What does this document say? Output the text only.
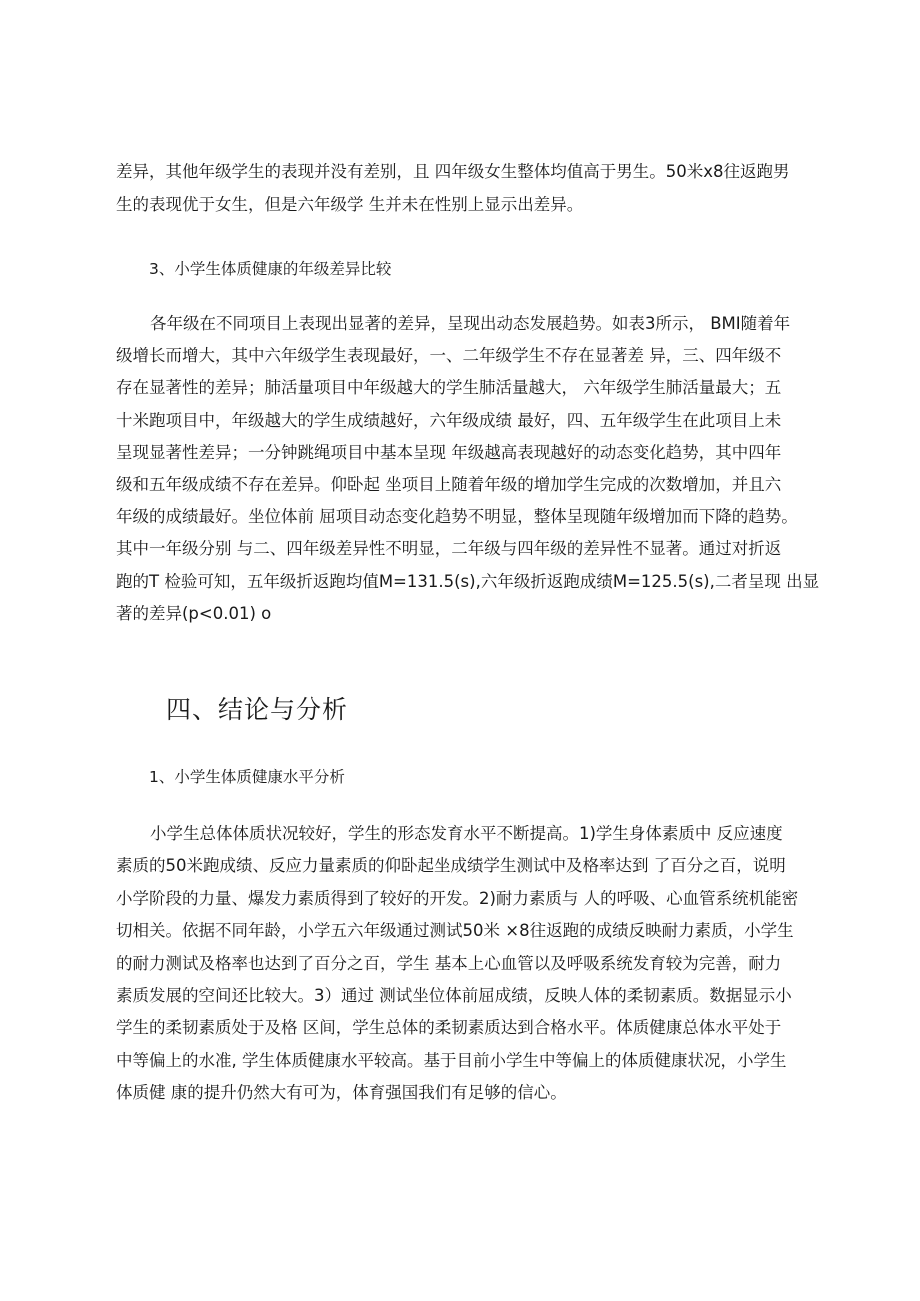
差异，其他年级学生的表现并没有差别，且 四年级女生整体均值高于男生。50米x8往返跑男
生的表现优于女生，但是六年级学 生并未在性别上显示出差异。
3、小学生体质健康的年级差异比较
各年级在不同项目上表现出显著的差异，呈现出动态发展趋势。如表3所示， BMI随着年
级增长而增大，其中六年级学生表现最好，一、二年级学生不存在显著差 异，三、四年级不
存在显著性的差异；肺活量项目中年级越大的学生肺活量越大， 六年级学生肺活量最大；五
十米跑项目中，年级越大的学生成绩越好，六年级成绩 最好，四、五年级学生在此项目上未
呈现显著性差异；一分钟跳绳项目中基本呈现 年级越高表现越好的动态变化趋势，其中四年
级和五年级成绩不存在差异。仰卧起 坐项目上随着年级的增加学生完成的次数增加，并且六
年级的成绩最好。坐位体前 屈项目动态变化趋势不明显，整体呈现随年级增加而下降的趋势。
其中一年级分别 与二、四年级差异性不明显，二年级与四年级的差异性不显著。通过对折返
跑的T 检验可知，五年级折返跑均值M=131.5(s),六年级折返跑成绩M=125.5(s),二者呈现 出显
著的差异(p<0.01) o
四、结论与分析
1、小学生体质健康水平分析
小学生总体体质状况较好，学生的形态发育水平不断提高。1)学生身体素质中 反应速度
素质的50米跑成绩、反应力量素质的仰卧起坐成绩学生测试中及格率达到 了百分之百，说明
小学阶段的力量、爆发力素质得到了较好的开发。2)耐力素质与 人的呼吸、心血管系统机能密
切相关。依据不同年龄，小学五六年级通过测试50米 ×8往返跑的成绩反映耐力素质，小学生
的耐力测试及格率也达到了百分之百，学生 基本上心血管以及呼吸系统发育较为完善，耐力
素质发展的空间还比较大。3）通过 测试坐位体前屈成绩，反映人体的柔韧素质。数据显示小
学生的柔韧素质处于及格 区间，学生总体的柔韧素质达到合格水平。体质健康总体水平处于
中等偏上的水准, 学生体质健康水平较高。基于目前小学生中等偏上的体质健康状况，小学生
体质健 康的提升仍然大有可为，体育强国我们有足够的信心。
